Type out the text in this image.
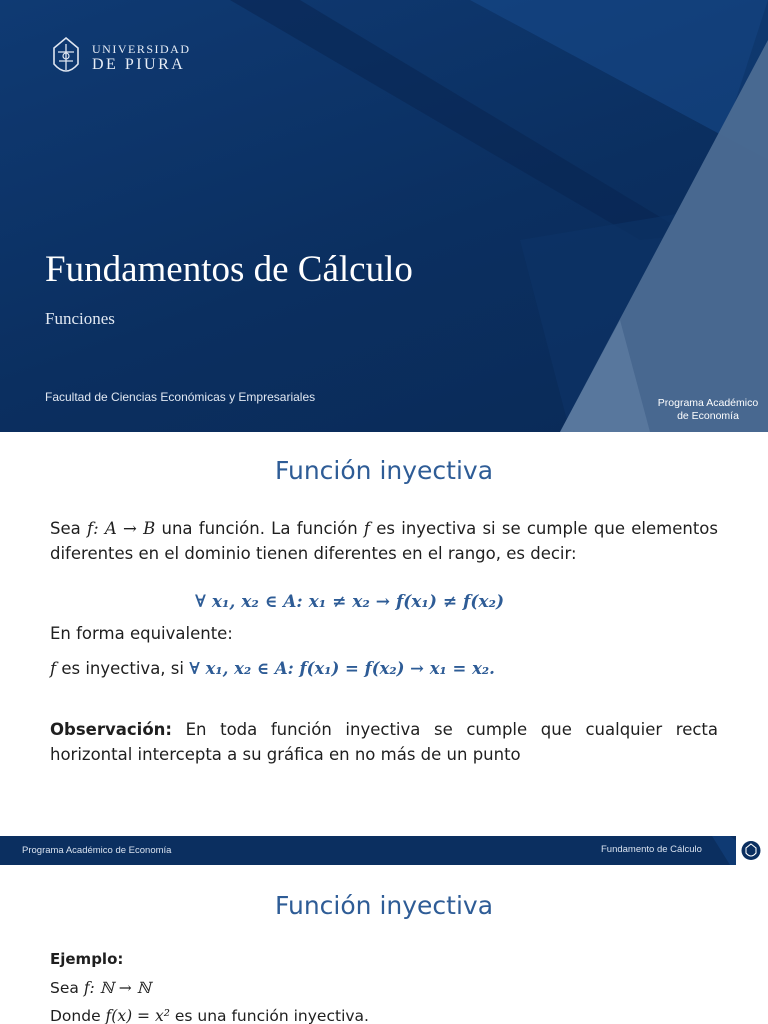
UNIVERSIDAD
DE PIURA
Fundamentos de Cálculo
Funciones
Facultad de Ciencias Económicas y Empresariales	Programa Académico
de Economía
Función inyectiva

Sea f: A → B una función. La función f es inyectiva si se cumple que elementos diferentes en el dominio tienen diferentes en el rango, es decir:

∀ x₁, x₂ ∈ A: x₁ ≠ x₂ → f(x₁) ≠ f(x₂)
En forma equivalente:
f es inyectiva, si ∀ x₁, x₂ ∈ A: f(x₁) = f(x₂) → x₁ = x₂.

Observación: En toda función inyectiva se cumple que cualquier recta horizontal intercepta a su gráfica en no más de un punto

Programa Académico de Economía	Fundamento de Cálculo
Función inyectiva
Ejemplo:
Sea f: ℕ → ℕ
Donde f(x) = x² es una función inyectiva.
